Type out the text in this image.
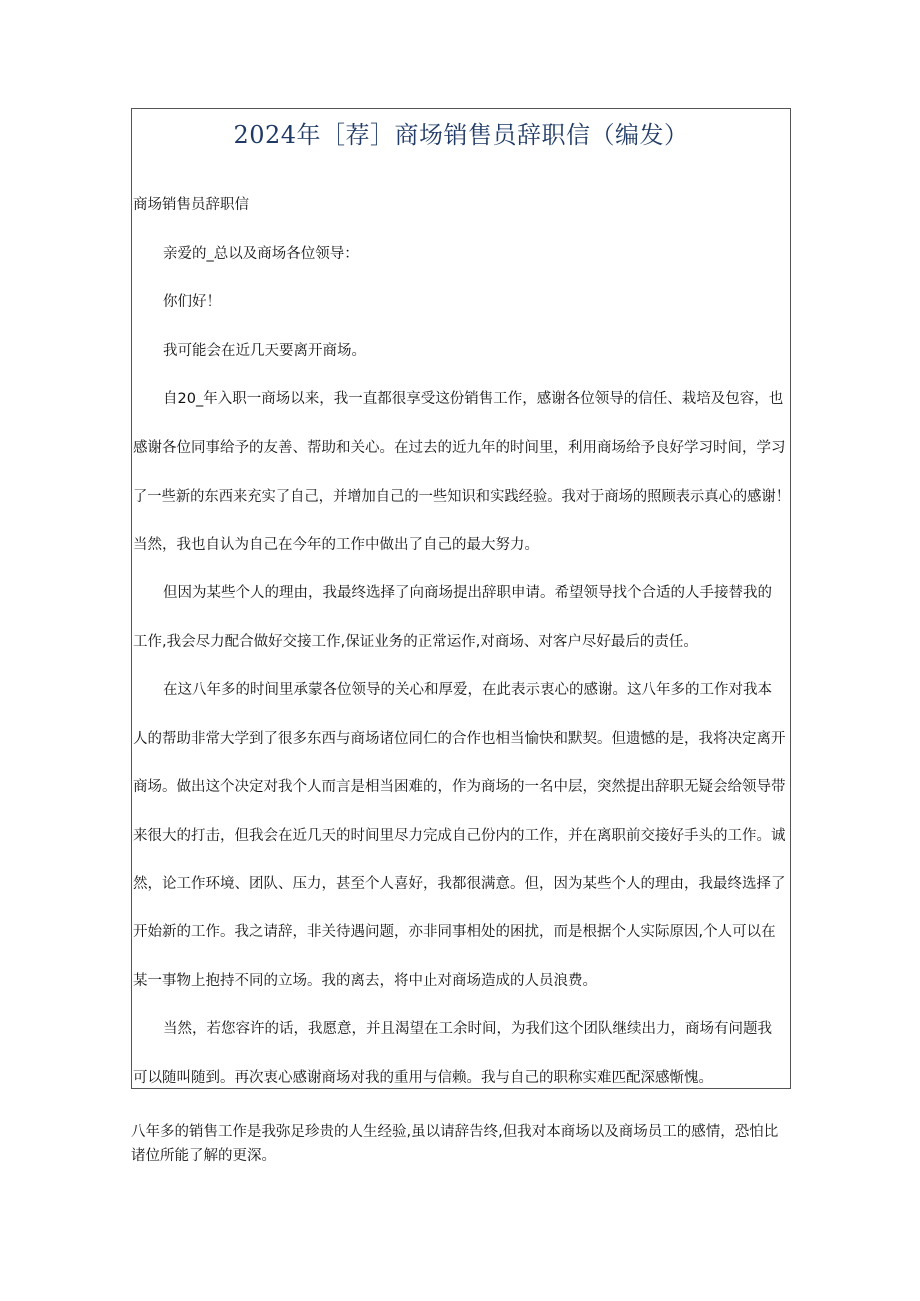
2024年［荐］商场销售员辞职信（编发）
商场销售员辞职信
亲爱的_总以及商场各位领导：
你们好！
我可能会在近几天要离开商场。
自20_年入职一商场以来，我一直都很享受这份销售工作，感谢各位领导的信任、栽培及包容，也
感谢各位同事给予的友善、帮助和关心。在过去的近九年的时间里，利用商场给予良好学习时间，学习
了一些新的东西来充实了自己，并增加自己的一些知识和实践经验。我对于商场的照顾表示真心的感谢！
当然，我也自认为自己在今年的工作中做出了自己的最大努力。
但因为某些个人的理由，我最终选择了向商场提出辞职申请。希望领导找个合适的人手接替我的
工作,我会尽力配合做好交接工作,保证业务的正常运作,对商场、对客户尽好最后的责任。
在这八年多的时间里承蒙各位领导的关心和厚爱，在此表示衷心的感谢。这八年多的工作对我本
人的帮助非常大学到了很多东西与商场诸位同仁的合作也相当愉快和默契。但遗憾的是，我将决定离开
商场。做出这个决定对我个人而言是相当困难的，作为商场的一名中层，突然提出辞职无疑会给领导带
来很大的打击，但我会在近几天的时间里尽力完成自己份内的工作，并在离职前交接好手头的工作。诚
然，论工作环境、团队、压力，甚至个人喜好，我都很满意。但，因为某些个人的理由，我最终选择了
开始新的工作。我之请辞，非关待遇问题，亦非同事相处的困扰，而是根据个人实际原因,个人可以在
某一事物上抱持不同的立场。我的离去，将中止对商场造成的人员浪费。
当然，若您容许的话，我愿意，并且渴望在工余时间，为我们这个团队继续出力，商场有问题我
可以随叫随到。再次衷心感谢商场对我的重用与信赖。我与自己的职称实难匹配深感惭愧。
八年多的销售工作是我弥足珍贵的人生经验,虽以请辞告终,但我对本商场以及商场员工的感情，恐怕比诸位所能了解的更深。
